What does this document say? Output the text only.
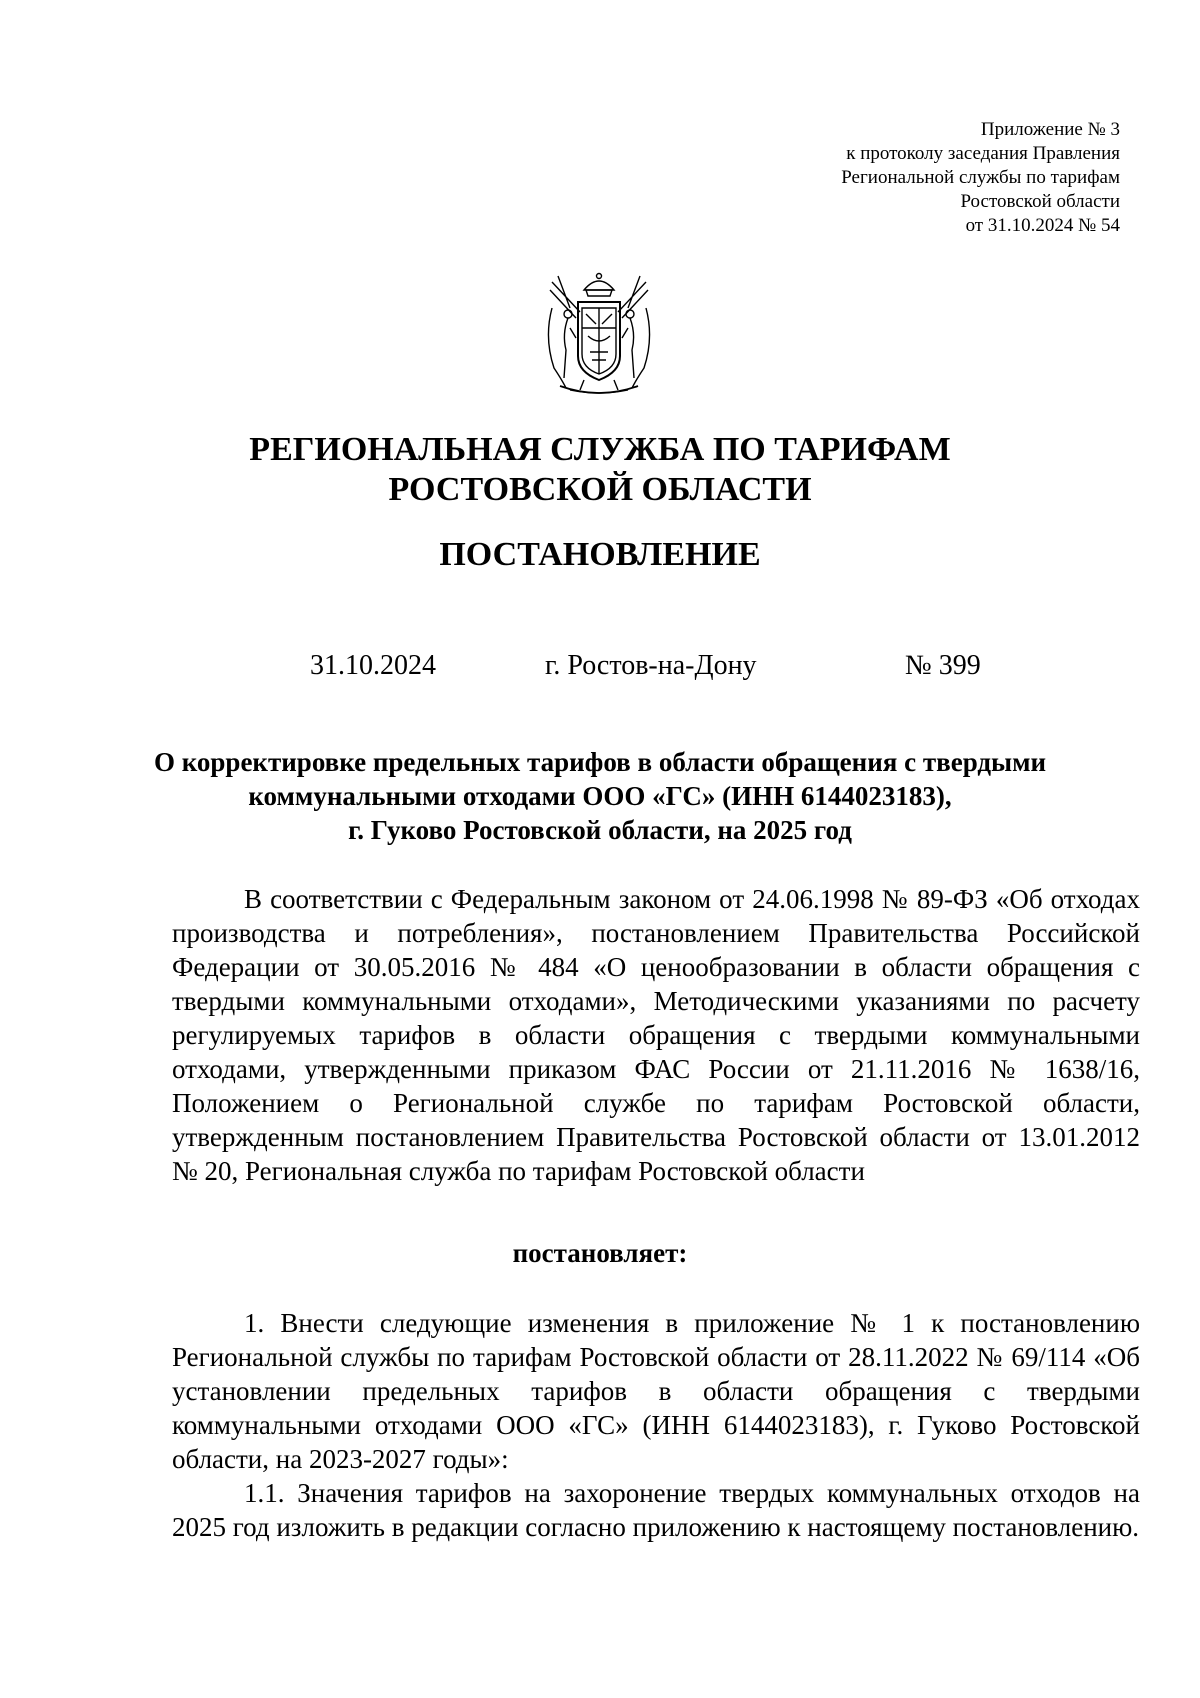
Приложение № 3
к протоколу заседания Правления
Региональной службы по тарифам
Ростовской области
от 31.10.2024 № 54
РЕГИОНАЛЬНАЯ СЛУЖБА ПО ТАРИФАМ
РОСТОВСКОЙ ОБЛАСТИ
ПОСТАНОВЛЕНИЕ
31.10.2024	г. Ростов-на-Дону	№ 399
О корректировке предельных тарифов в области обращения с твердыми
коммунальными отходами ООО «ГС» (ИНН 6144023183),
г. Гуково Ростовской области, на 2025 год

В соответствии с Федеральным законом от 24.06.1998 № 89-ФЗ «Об отходах производства и потребления», постановлением Правительства Российской Федерации от 30.05.2016 № 484 «О ценообразовании в области обращения с твердыми коммунальными отходами», Методическими указаниями по расчету регулируемых тарифов в области обращения с твердыми коммунальными отходами, утвержденными приказом ФАС России от 21.11.2016 № 1638/16, Положением о Региональной службе по тарифам Ростовской области, утвержденным постановлением Правительства Ростовской области от 13.01.2012 № 20, Региональная служба по тарифам Ростовской области

постановляет:

1. Внести следующие изменения в приложение № 1 к постановлению Региональной службы по тарифам Ростовской области от 28.11.2022 № 69/114 «Об установлении предельных тарифов в области обращения с твердыми коммунальными отходами ООО «ГС» (ИНН 6144023183), г. Гуково Ростовской области, на 2023-2027 годы»:

1.1. Значения тарифов на захоронение твердых коммунальных отходов на 2025 год изложить в редакции согласно приложению к настоящему постановлению.
